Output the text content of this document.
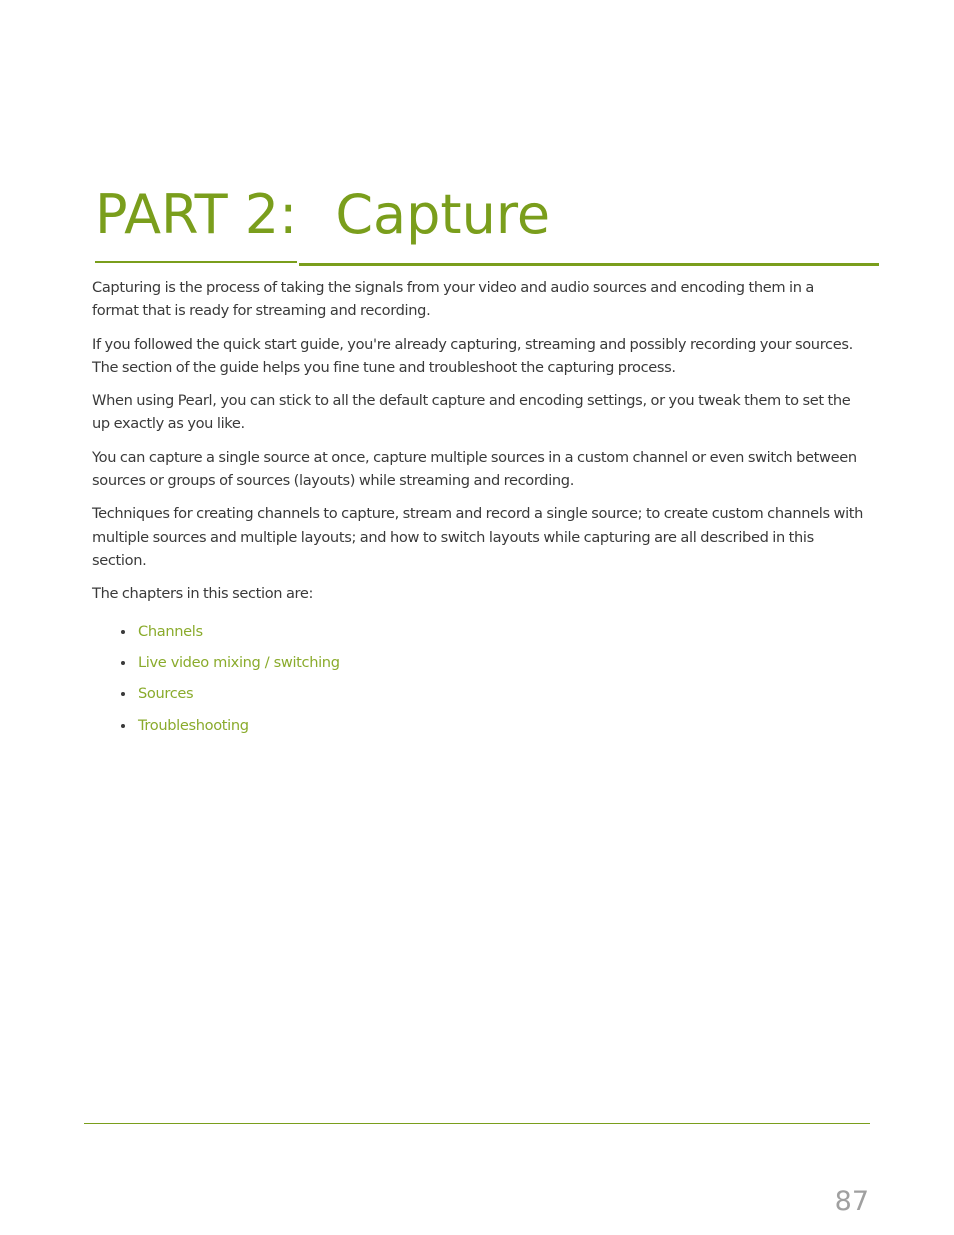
PART 2: Capture

Capturing is the process of taking the signals from your video and audio sources and encoding them in a format that is ready for streaming and recording.

If you followed the quick start guide, you're already capturing, streaming and possibly recording your sources. The section of the guide helps you fine tune and troubleshoot the capturing process.

When using Pearl, you can stick to all the default capture and encoding settings, or you tweak them to set the up exactly as you like.

You can capture a single source at once, capture multiple sources in a custom channel or even switch between sources or groups of sources (layouts) while streaming and recording.

Techniques for creating channels to capture, stream and record a single source; to create custom channels with multiple sources and multiple layouts; and how to switch layouts while capturing are all described in this section.

The chapters in this section are:

Channels
Live video mixing / switching
Sources
Troubleshooting
87
